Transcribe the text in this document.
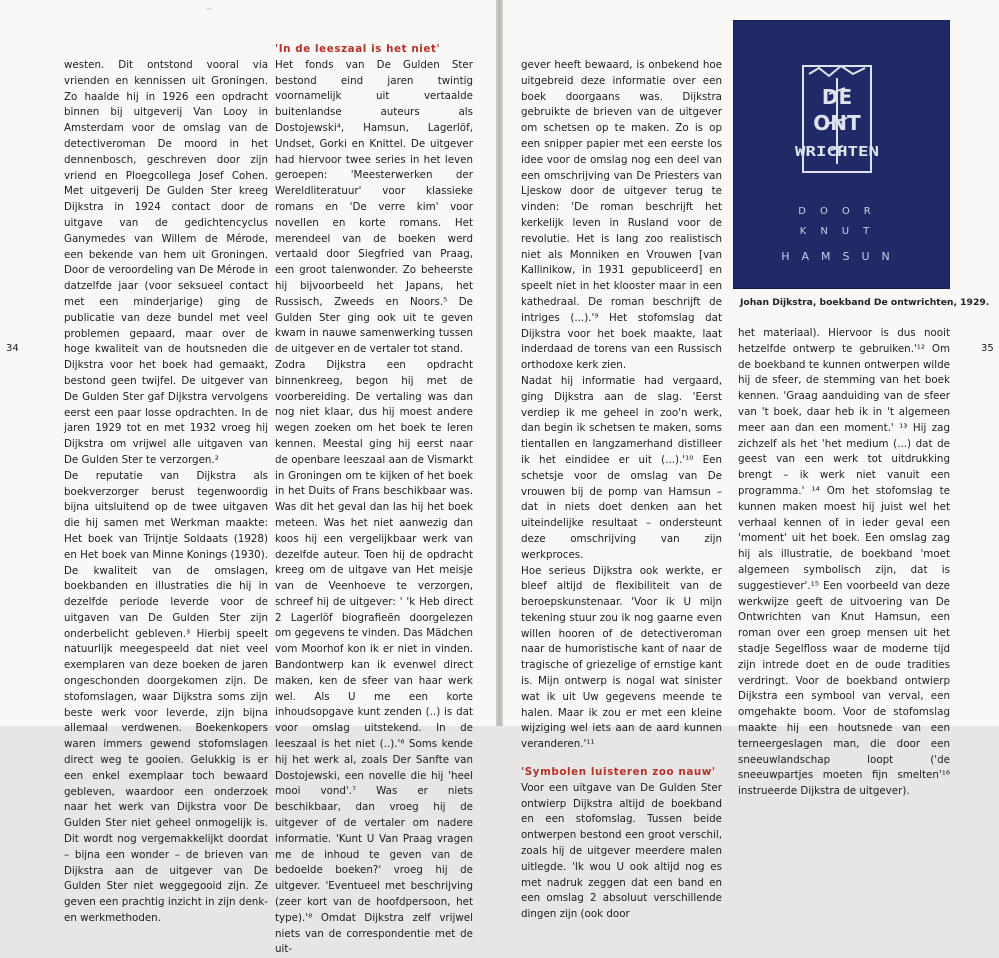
~

westen. Dit ontstond vooral via vrienden en kennissen uit Groningen. Zo haalde hij in 1926 een opdracht binnen bij uitgeverij Van Looy in Amsterdam voor de omslag van de detectiveroman De moord in het dennenbosch, geschreven door zijn vriend en Ploegcollega Josef Cohen. Met uitgeverij De Gulden Ster kreeg Dijkstra in 1924 contact door de uitgave van de gedichtencyclus Ganymedes van Willem de Mérode, een bekende van hem uit Groningen. Door de veroordeling van De Mérode in datzelfde jaar (voor seksueel contact met een minderjarige) ging de publicatie van deze bundel met veel problemen gepaard, maar over de hoge kwaliteit van de houtsneden die Dijkstra voor het boek had gemaakt, bestond geen twijfel. De uitgever van De Gulden Ster gaf Dijkstra vervolgens eerst een paar losse opdrachten. In de jaren 1929 tot en met 1932 vroeg hij Dijkstra om vrijwel alle uitgaven van De Gulden Ster te verzorgen.²

De reputatie van Dijkstra als boekverzorger berust tegenwoordig bijna uitsluitend op de twee uitgaven die hij samen met Werkman maakte: Het boek van Trijntje Soldaats (1928) en Het boek van Minne Konings (1930). De kwaliteit van de omslagen, boekbanden en illustraties die hij in dezelfde periode leverde voor de uitgaven van De Gulden Ster zijn onderbelicht gebleven.³ Hierbij speelt natuurlijk meegespeeld dat niet veel exemplaren van deze boeken de jaren ongeschonden doorgekomen zijn. De stofomslagen, waar Dijkstra soms zijn beste werk voor leverde, zijn bijna allemaal verdwenen. Boekenkopers waren immers gewend stofomslagen direct weg te gooien. Gelukkig is er een enkel exemplaar toch bewaard gebleven, waardoor een onderzoek naar het werk van Dijkstra voor De Gulden Ster niet geheel onmogelijk is. Dit wordt nog vergemakkelijkt doordat – bijna een wonder – de brieven van Dijkstra aan de uitgever van De Gulden Ster niet weggegooid zijn. Ze geven een prachtig inzicht in zijn denk- en werkmethoden.

'In de leeszaal is het niet'

Het fonds van De Gulden Ster bestond eind jaren twintig voornamelijk uit vertaalde buitenlandse auteurs als Dostojewski⁴, Hamsun, Lagerlöf, Undset, Gorki en Knittel. De uitgever had hiervoor twee series in het leven geroepen: 'Meesterwerken der Wereldliteratuur' voor klassieke romans en 'De verre kim' voor novellen en korte romans. Het merendeel van de boeken werd vertaald door Siegfried van Praag, een groot talenwonder. Zo beheerste hij bijvoorbeeld het Japans, het Russisch, Zweeds en Noors.⁵ De Gulden Ster ging ook uit te geven kwam in nauwe samenwerking tussen de uitgever en de vertaler tot stand.

Zodra Dijkstra een opdracht binnenkreeg, begon hij met de voorbereiding. De vertaling was dan nog niet klaar, dus hij moest andere wegen zoeken om het boek te leren kennen. Meestal ging hij eerst naar de openbare leeszaal aan de Vismarkt in Groningen om te kijken of het boek in het Duits of Frans beschikbaar was. Was dit het geval dan las hij het boek meteen. Was het niet aanwezig dan koos hij een vergelijkbaar werk van dezelfde auteur. Toen hij de opdracht kreeg om de uitgave van Het meisje van de Veenhoeve te verzorgen, schreef hij de uitgever: ' 'k Heb direct 2 Lagerlöf biografieën doorgelezen om gegevens te vinden. Das Mädchen vom Moorhof kon ik er niet in vinden. Bandontwerp kan ik evenwel direct maken, ken de sfeer van haar werk wel. Als U me een korte inhoudsopgave kunt zenden (..) is dat voor omslag uitstekend. In de leeszaal is het niet (..).'⁶ Soms kende hij het werk al, zoals Der Sanfte van Dostojewski, een novelle die hij 'heel mooi vond'.⁷ Was er niets beschikbaar, dan vroeg hij de uitgever of de vertaler om nadere informatie. 'Kunt U Van Praag vragen me de inhoud te geven van de bedoelde boeken?' vroeg hij de uitgever. 'Eventueel met beschrijving (zeer kort van de hoofdpersoon, het type).'⁸ Omdat Dijkstra zelf vrijwel niets van de correspondentie met de uit-

34

gever heeft bewaard, is onbekend hoe uitgebreid deze informatie over een boek doorgaans was. Dijkstra gebruikte de brieven van de uitgever om schetsen op te maken. Zo is op een snipper papier met een eerste los idee voor de omslag nog een deel van een omschrijving van De Priesters van Ljeskow door de uitgever terug te vinden: 'De roman beschrijft het kerkelijk leven in Rusland voor de revolutie. Het is lang zoo realistisch niet als Monniken en Vrouwen [van Kallinikow, in 1931 gepubliceerd] en speelt niet in het klooster maar in een kathedraal. De roman beschrijft de intriges (...).'⁹ Het stofomslag dat Dijkstra voor het boek maakte, laat inderdaad de torens van een Russisch orthodoxe kerk zien.

Nadat hij informatie had vergaard, ging Dijkstra aan de slag. 'Eerst verdiep ik me geheel in zoo'n werk, dan begin ik schetsen te maken, soms tientallen en langzamerhand distilleer ik het eindidee er uit (...).'¹⁰ Een schetsje voor de omslag van De vrouwen bij de pomp van Hamsun – dat in niets doet denken aan het uiteindelijke resultaat – ondersteunt deze omschrijving van zijn werkproces.

Hoe serieus Dijkstra ook werkte, er bleef altijd de flexibiliteit van de beroepskunstenaar. 'Voor ik U mijn tekening stuur zou ik nog gaarne even willen hooren of de detectiveroman naar de humoristische kant of naar de tragische of griezelige of ernstige kant is. Mijn ontwerp is nogal wat sinister wat ik uit Uw gegevens meende te halen. Maar ik zou er met een kleine wijziging wel iets aan de aard kunnen veranderen.'¹¹

'Symbolen luisteren zoo nauw'

Voor een uitgave van De Gulden Ster ontwierp Dijkstra altijd de boekband en een stofomslag. Tussen beide ontwerpen bestond een groot verschil, zoals hij de uitgever meerdere malen uitlegde. 'Ik wou U ook altijd nog es met nadruk zeggen dat een band en een omslag 2 absoluut verschillende dingen zijn (ook door

het materiaal). Hiervoor is dus nooit hetzelfde ontwerp te gebruiken.'¹² Om de boekband te kunnen ontwerpen wilde hij de sfeer, de stemming van het boek kennen. 'Graag aanduiding van de sfeer van 't boek, daar heb ik in 't algemeen meer aan dan een moment.' ¹³ Hij zag zichzelf als het 'het medium (...) dat de geest van een werk tot uitdrukking brengt – ik werk niet vanuit een programma.' ¹⁴ Om het stofomslag te kunnen maken moest hij juist wel het verhaal kennen of in ieder geval een 'moment' uit het boek. Een omslag zag hij als illustratie, de boekband 'moet algemeen symbolisch zijn, dat is suggestiever'.¹⁵ Een voorbeeld van deze werkwijze geeft de uitvoering van De Ontwrichten van Knut Hamsun, een roman over een groep mensen uit het stadje Segelfloss waar de moderne tijd zijn intrede doet en de oude tradities verdringt. Voor de boekband ontwierp Dijkstra een symbool van verval, een omgehakte boom. Voor de stofomslag maakte hij een houtsnede van een terneergeslagen man, die door een sneeuwlandschap loopt ('de sneeuwpartjes moeten fijn smelten'¹⁶ instrueerde Dijkstra de uitgever).

35
DE
ONT
WRICHTEN
DOOR
KNUT
HAMSUN
Johan Dijkstra, boekband De ontwrichten, 1929.
